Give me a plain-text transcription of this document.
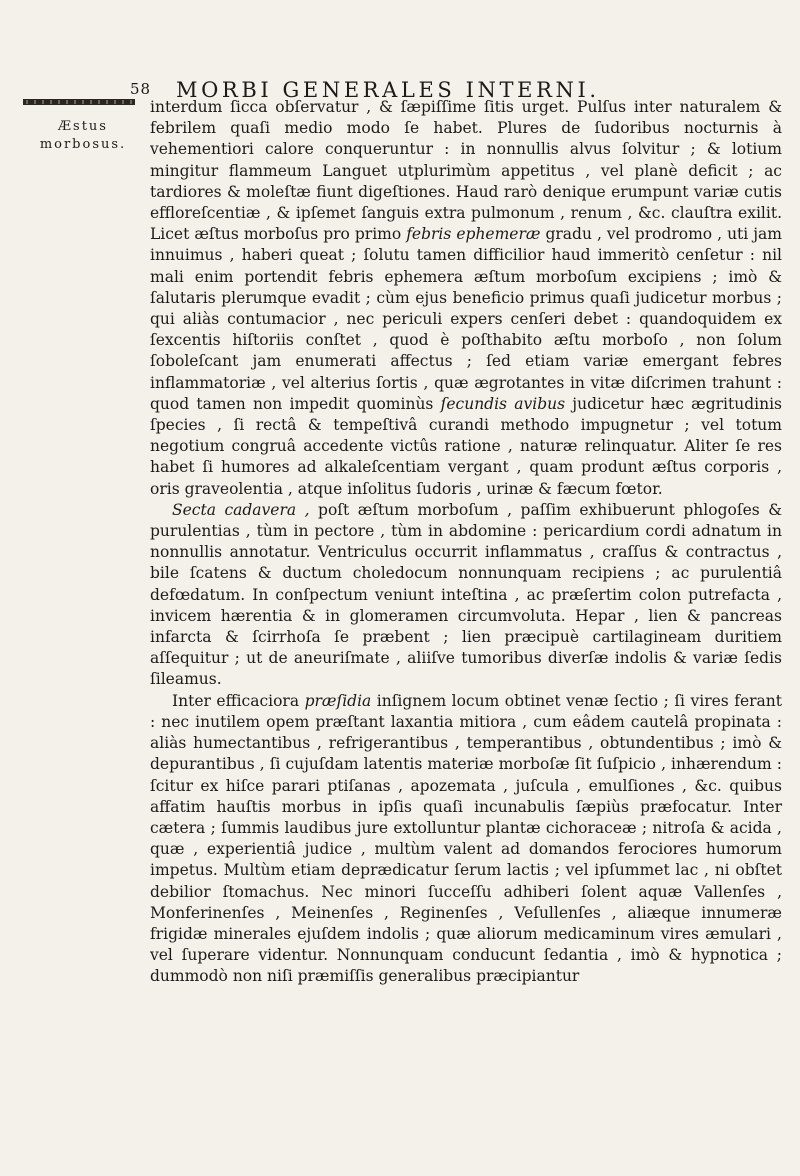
58 MORBI GENERALES INTERNI.
Æstus
morbosus.

interdum ſicca obſervatur , & ſæpiſſime ſitis urget. Pulſus inter naturalem & febrilem quaſi medio modo ſe habet. Plures de ſudoribus nocturnis à vehementiori calore conqueruntur : in nonnullis alvus ſolvitur ; & lotium mingitur flammeum Languet utplurimùm appetitus , vel planè deficit ; ac tardiores & moleſtæ fiunt digeſtiones. Haud rarò denique erumpunt variæ cutis efflorеſcentiæ , & ipſemet ſanguis extra pulmonum , renum , &c. clauſtra exilit. Licet æſtus morboſus pro primo febris ephemeræ gradu , vel prodromo , uti jam innuimus , haberi queat ; ſolutu tamen difficilior haud immeritò cenſetur : nil mali enim portendit febris ephemera æſtum morboſum excipiens ; imò & ſalutaris plerumque evadit ; cùm ejus beneficio primus quaſi judicetur morbus ; qui aliàs contumacior , nec periculi expers cenſeri debet : quandoquidem ex ſexcentis hiſtoriis conſtet , quod è poſthabito æſtu morboſo , non ſolum ſoboleſcant jam enumerati affectus ; ſed etiam variæ emergant febres inflammatoriæ , vel alterius ſortis , quæ ægrotantes in vitæ diſcrimen trahunt : quod tamen non impedit quominùs ſecundis avibus judicetur hæc ægritudinis ſpecies , ſi rectâ & tempeſtivâ curandi methodo impugnetur ; vel totum negotium congruâ accedente victûs ratione , naturæ relinquatur. Aliter ſe res habet ſi humores ad alkaleſcentiam vergant , quam produnt æſtus corporis , oris graveolentia , atque inſolitus ſudoris , urinæ & fæcum fœtor.

Secta cadavera , poſt æſtum morboſum , paſſim exhibuerunt phlogoſes & purulentias , tùm in pectore , tùm in abdomine : pericardium cordi adnatum in nonnullis annotatur. Ventriculus occurrit inflammatus , craſſus & contractus , bile ſcatens & ductum choledocum nonnunquam recipiens ; ac purulentiâ defœdatum. In conſpectum veniunt inteſtina , ac præſertim colon putrefacta , invicem hærentia & in glomeramen circumvoluta. Hepar , lien & pancreas infarcta & ſcirrhoſa ſe præbent ; lien præcipuè cartilagineam duritiem aſſequitur ; ut de aneuriſmate , aliiſve tumoribus diverſæ indolis & variæ ſedis ſileamus.

Inter efficaciora præſidia inſignem locum obtinet venæ ſectio ; ſi vires ferant : nec inutilem opem præſtant laxantia mitiora , cum eâdem cautelâ propinata : aliàs humectantibus , refrigerantibus , temperantibus , obtundentibus ; imò & depurantibus , ſi cujuſdam latentis materiæ morboſæ ſit ſuſpicio , inhærendum : ſcitur ex hiſce parari ptiſanas , apozemata , juſcula , emulſiones , &c. quibus affatim hauſtis morbus in ipſis quaſi incunabulis ſæpiùs præfocatur. Inter cætera ; ſummis laudibus jure extolluntur plantæ cichoraceæ ; nitroſa & acida , quæ , experientiâ judice , multùm valent ad domandos ferociores humorum impetus. Multùm etiam deprædicatur ſerum lactis ; vel ipſummet lac , ni obſtet debilior ſtomachus. Nec minori ſucceſſu adhiberi ſolent aquæ Vallenſes , Monferinenſes , Meinenſes , Reginenſes , Veſullenſes , aliæque innumeræ frigidæ minerales ejuſdem indolis ; quæ aliorum medicaminum vires æmulari , vel ſuperare videntur. Nonnunquam conducunt ſedantia , imò & hypnotica ; dummodò non niſi præmiſſis generalibus præcipiantur
